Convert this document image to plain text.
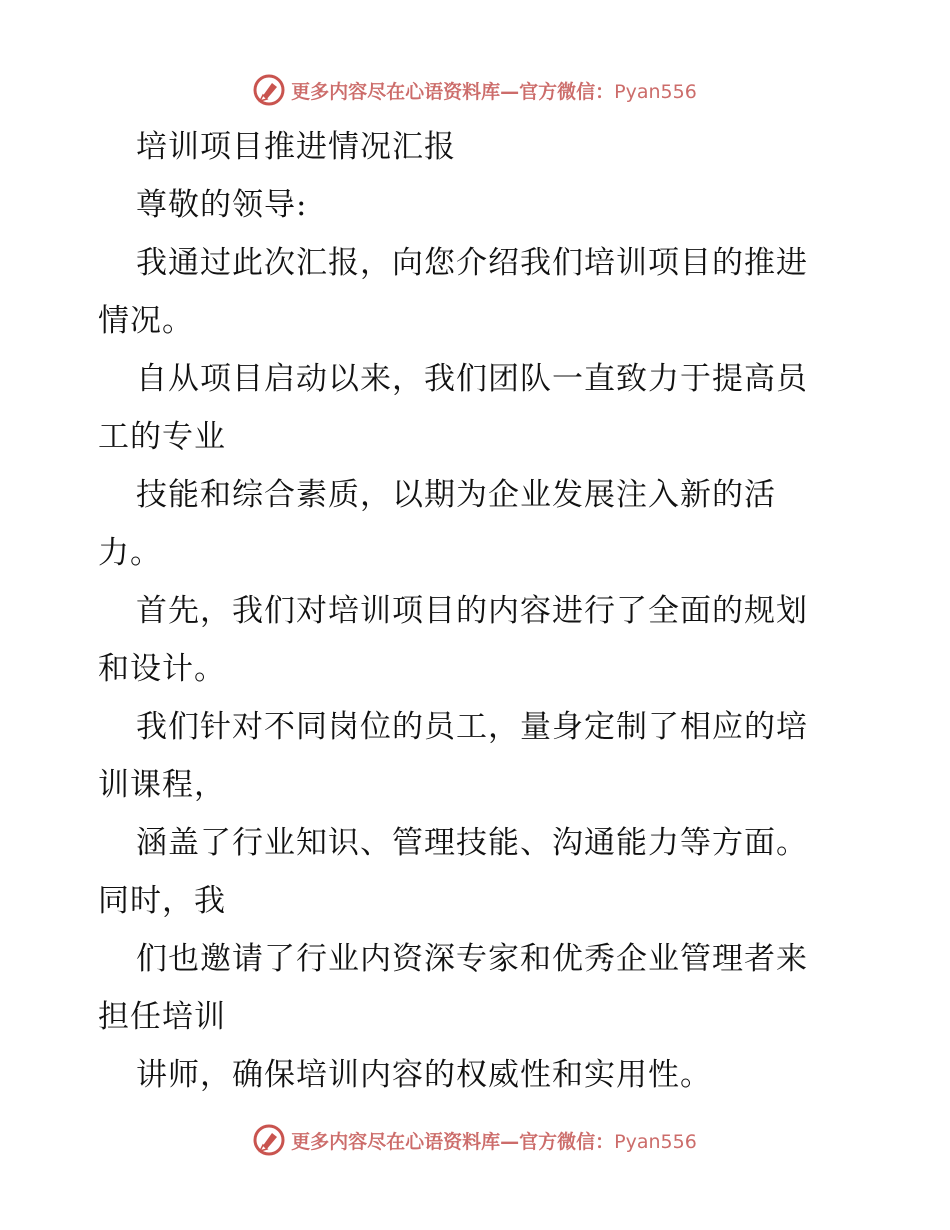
更多内容尽在心语资料库—官方微信：Pyan556
培训项目推进情况汇报
尊敬的领导:
我通过此次汇报，向您介绍我们培训项目的推进
情况。
自从项目启动以来，我们团队一直致力于提高员
工的专业
技能和综合素质，以期为企业发展注入新的活
力。
首先，我们对培训项目的内容进行了全面的规划
和设计。
我们针对不同岗位的员工，量身定制了相应的培
训课程，
涵盖了行业知识、管理技能、沟通能力等方面。
同时，我
们也邀请了行业内资深专家和优秀企业管理者来
担任培训
讲师，确保培训内容的权威性和实用性。
更多内容尽在心语资料库—官方微信：Pyan556
